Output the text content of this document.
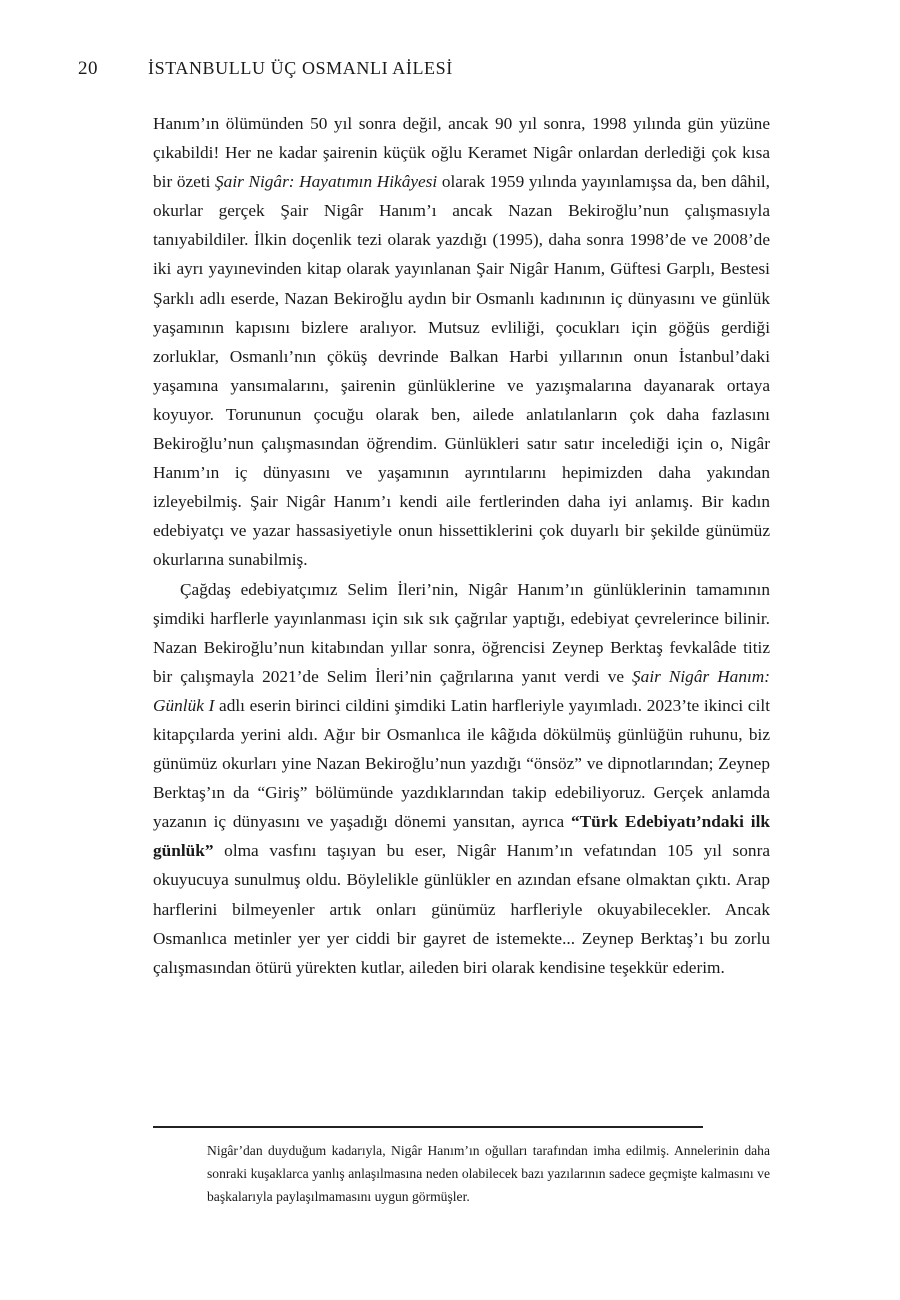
20	İSTANBULLU ÜÇ OSMANLI AİLESİ

Hanım’ın ölümünden 50 yıl sonra değil, ancak 90 yıl sonra, 1998 yılında gün yüzüne çıkabildi! Her ne kadar şairenin küçük oğlu Keramet Nigâr onlardan derlediği çok kısa bir özeti Şair Nigâr: Hayatımın Hikâyesi olarak 1959 yılında yayınlamışsa da, ben dâhil, okurlar gerçek Şair Nigâr Hanım’ı ancak Nazan Bekiroğlu’nun çalışmasıyla tanıyabildiler. İlkin doçenlik tezi olarak yazdığı (1995), daha sonra 1998’de ve 2008’de iki ayrı yayınevinden kitap olarak yayınlanan Şair Nigâr Hanım, Güftesi Garplı, Bestesi Şarklı adlı eserde, Nazan Bekiroğlu aydın bir Osmanlı kadınının iç dünyasını ve günlük yaşamının kapısını bizlere aralıyor. Mutsuz evliliği, çocukları için göğüs gerdiği zorluklar, Osmanlı’nın çöküş devrinde Balkan Harbi yıllarının onun İstanbul’daki yaşamına yansımalarını, şairenin günlüklerine ve yazışmalarına dayanarak ortaya koyuyor. Torununun çocuğu olarak ben, ailede anlatılanların çok daha fazlasını Bekiroğlu’nun çalışmasından öğrendim. Günlükleri satır satır incelediği için o, Nigâr Hanım’ın iç dünyasını ve yaşamının ayrıntılarını hepimizden daha yakından izleyebilmiş. Şair Nigâr Hanım’ı kendi aile fertlerinden daha iyi anlamış. Bir kadın edebiyatçı ve yazar hassasiyetiyle onun hissettiklerini çok duyarlı bir şekilde günümüz okurlarına sunabilmiş.

Çağdaş edebiyatçımız Selim İleri’nin, Nigâr Hanım’ın günlüklerinin tamamının şimdiki harflerle yayınlanması için sık sık çağrılar yaptığı, edebiyat çevrelerince bilinir. Nazan Bekiroğlu’nun kitabından yıllar sonra, öğrencisi Zeynep Berktaş fevkalâde titiz bir çalışmayla 2021’de Selim İleri’nin çağrılarına yanıt verdi ve Şair Nigâr Hanım: Günlük I adlı eserin birinci cildini şimdiki Latin harfleriyle yayımladı. 2023’te ikinci cilt kitapçılarda yerini aldı. Ağır bir Osmanlıca ile kâğıda dökülmüş günlüğün ruhunu, biz günümüz okurları yine Nazan Bekiroğlu’nun yazdığı “önsöz” ve dipnotlarından; Zeynep Berktaş’ın da “Giriş” bölümünde yazdıklarından takip edebiliyoruz. Gerçek anlamda yazanın iç dünyasını ve yaşadığı dönemi yansıtan, ayrıca “Türk Edebiyatı’ndaki ilk günlük” olma vasfını taşıyan bu eser, Nigâr Hanım’ın vefatından 105 yıl sonra okuyucuya sunulmuş oldu. Böylelikle günlükler en azından efsane olmaktan çıktı. Arap harflerini bilmeyenler artık onları günümüz harfleriyle okuyabilecekler. Ancak Osmanlıca metinler yer yer ciddi bir gayret de istemekte... Zeynep Berktaş’ı bu zorlu çalışmasından ötürü yürekten kutlar, aileden biri olarak kendisine teşekkür ederim.

Nigâr’dan duyduğum kadarıyla, Nigâr Hanım’ın oğulları tarafından imha edilmiş. Annelerinin daha sonraki kuşaklarca yanlış anlaşılmasına neden olabilecek bazı yazılarının sadece geçmişte kalmasını ve başkalarıyla paylaşılmamasını uygun görmüşler.
